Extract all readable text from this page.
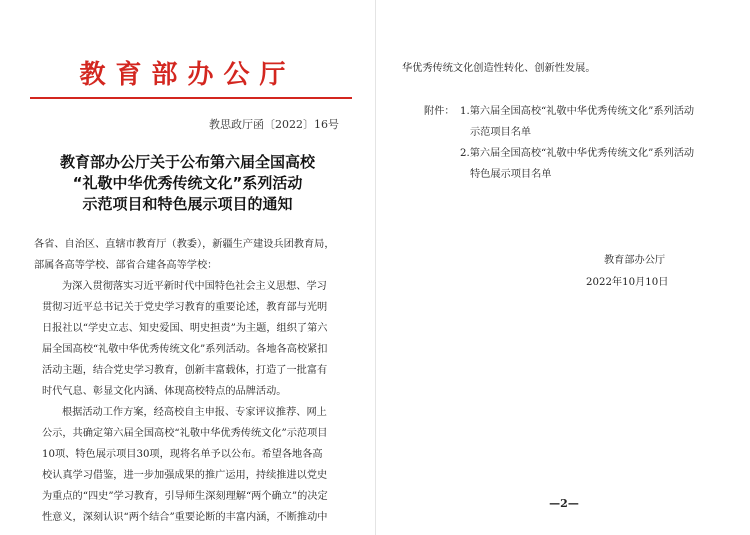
教育部办公厅
教思政厅函〔2022〕16号
教育部办公厅关于公布第六届全国高校
“礼敬中华优秀传统文化”系列活动
示范项目和特色展示项目的通知

各省、自治区、直辖市教育厅（教委），新疆生产建设兵团教育局，

部属各高等学校、部省合建各高等学校：

为深入贯彻落实习近平新时代中国特色社会主义思想、学习

贯彻习近平总书记关于党史学习教育的重要论述，教育部与光明

日报社以“学史立志、知史爱国、明史担责”为主题，组织了第六

届全国高校“礼敬中华优秀传统文化”系列活动。各地各高校紧扣

活动主题，结合党史学习教育，创新丰富载体，打造了一批富有

时代气息、彰显文化内涵、体现高校特点的品牌活动。

根据活动工作方案，经高校自主申报、专家评议推荐、网上

公示，共确定第六届全国高校“礼敬中华优秀传统文化”示范项目

10项、特色展示项目30项，现将名单予以公布。希望各地各高

校认真学习借鉴，进一步加强成果的推广运用，持续推进以党史

为重点的“四史”学习教育，引导师生深刻理解“两个确立”的决定

性意义，深刻认识“两个结合”重要论断的丰富内涵，不断推动中

华优秀传统文化创造性转化、创新性发展。
附件： 1.第六届全国高校“礼敬中华优秀传统文化”系列活动
示范项目名单
2.第六届全国高校“礼敬中华优秀传统文化”系列活动
特色展示项目名单
教育部办公厅
2022年10月10日
—2—
